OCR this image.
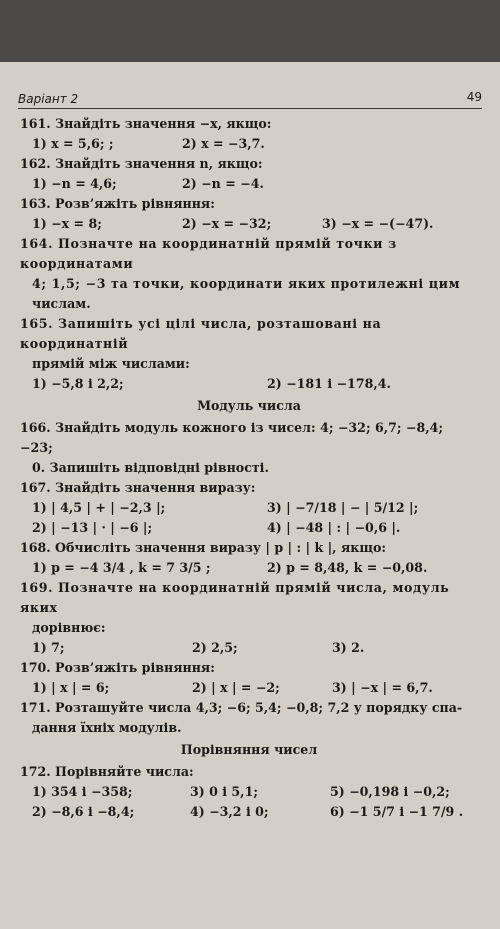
Варіант 2	49

161. Знайдіть значення −x, якщо:

1) x = 5,6; ;	2) x = −3,7.

162. Знайдіть значення n, якщо:

1) −n = 4,6;	2) −n = −4.

163. Розв’яжіть рівняння:

1) −x = 8;	2) −x = −32;	3) −x = −(−47).

164. Позначте на координатній прямій точки з координатами

4; 1,5; −3 та точки, координати яких протилежні цим

числам.

165. Запишіть усі цілі числа, розташовані на координатній

прямій між числами:

1) −5,8 і 2,2;	2) −181 і −178,4.

Модуль числа

166. Знайдіть модуль кожного із чисел: 4; −32; 6,7; −8,4; −23;

0. Запишіть відповідні рівності.

167. Знайдіть значення виразу:

1) | 4,5 | + | −2,3 |;	3) | −7/18 | − | 5/12 |;
2) | −13 | · | −6 |;	4) | −48 | : | −0,6 |.

168. Обчисліть значення виразу | p | : | k |, якщо:

1) p = −4 3/4 , k = 7 3/5 ;	2) p = 8,48, k = −0,08.

169. Позначте на координатній прямій числа, модуль яких

дорівнює:

1) 7;	2) 2,5;	3) 2.

170. Розв’яжіть рівняння:

1) | x | = 6;	2) | x | = −2;	3) | −x | = 6,7.

171. Розташуйте числа 4,3; −6; 5,4; −0,8; 7,2 у порядку спа-

дання їхніх модулів.

Порівняння чисел

172. Порівняйте числа:

1) 354 і −358;	3) 0 і 5,1;	5) −0,198 і −0,2;
2) −8,6 і −8,4;	4) −3,2 і 0;	6) −1 5/7 і −1 7/9 .
